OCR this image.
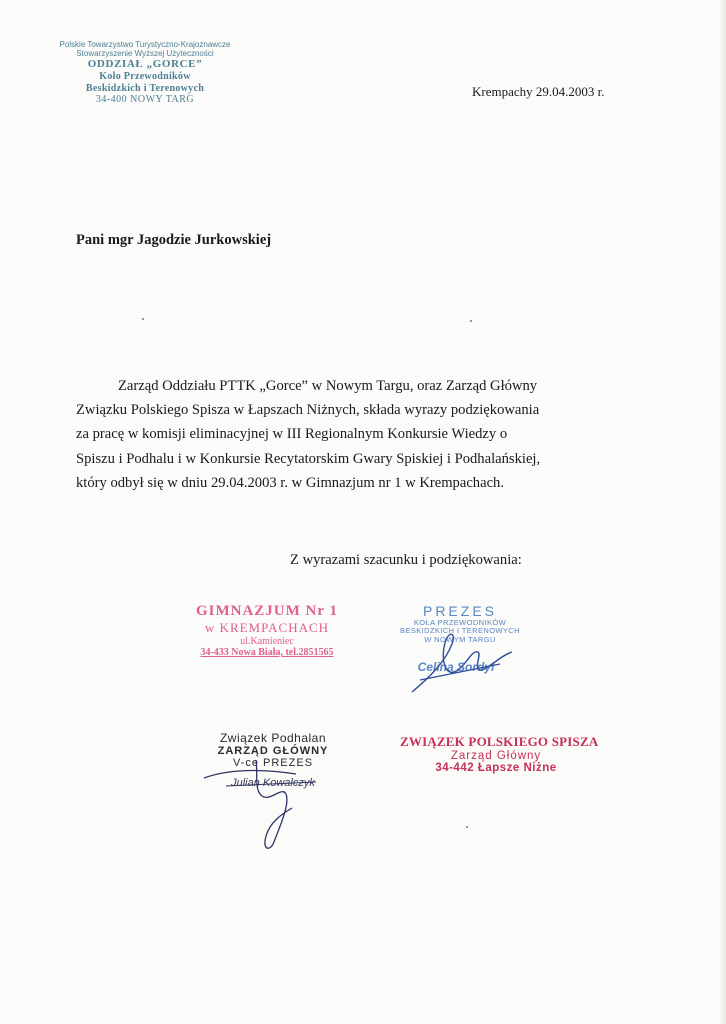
Polskie Towarzystwo Turystyczno-Krajoznawcze
Stowarzyszenie Wyższej Użyteczności
ODDZIAŁ „GORCE”
Koło Przewodników
Beskidzkich i Terenowych
34-400 NOWY TARG
Krempachy 29.04.2003 r.
Pani mgr Jagodzie Jurkowskiej
Zarząd Oddziału PTTK „Gorce” w Nowym Targu, oraz Zarząd Główny
Związku Polskiego Spisza w Łapszach Niżnych, składa wyrazy podziękowania
za pracę w komisji eliminacyjnej w III Regionalnym Konkursie Wiedzy o
Spiszu i Podhalu i w Konkursie Recytatorskim Gwary Spiskiej i Podhalańskiej,
który odbył się w dniu 29.04.2003 r. w Gimnazjum nr 1 w Krempachach.
Z wyrazami szacunku i podziękowania:
GIMNAZJUM Nr 1
w KREMPACHACH
ul.Kamieniec
34-433 Nowa Biała, tel.2851565
PREZES
KOŁA PRZEWODNIKÓW
BESKIDZKICH I TERENOWYCH
W NOWYM TARGU
Celina Sordyl
Związek Podhalan
ZARZĄD GŁÓWNY
V-ce PREZES
Julian Kowalczyk
ZWIĄZEK POLSKIEGO SPISZA
Zarząd Główny
34-442 Łapsze Niżne
